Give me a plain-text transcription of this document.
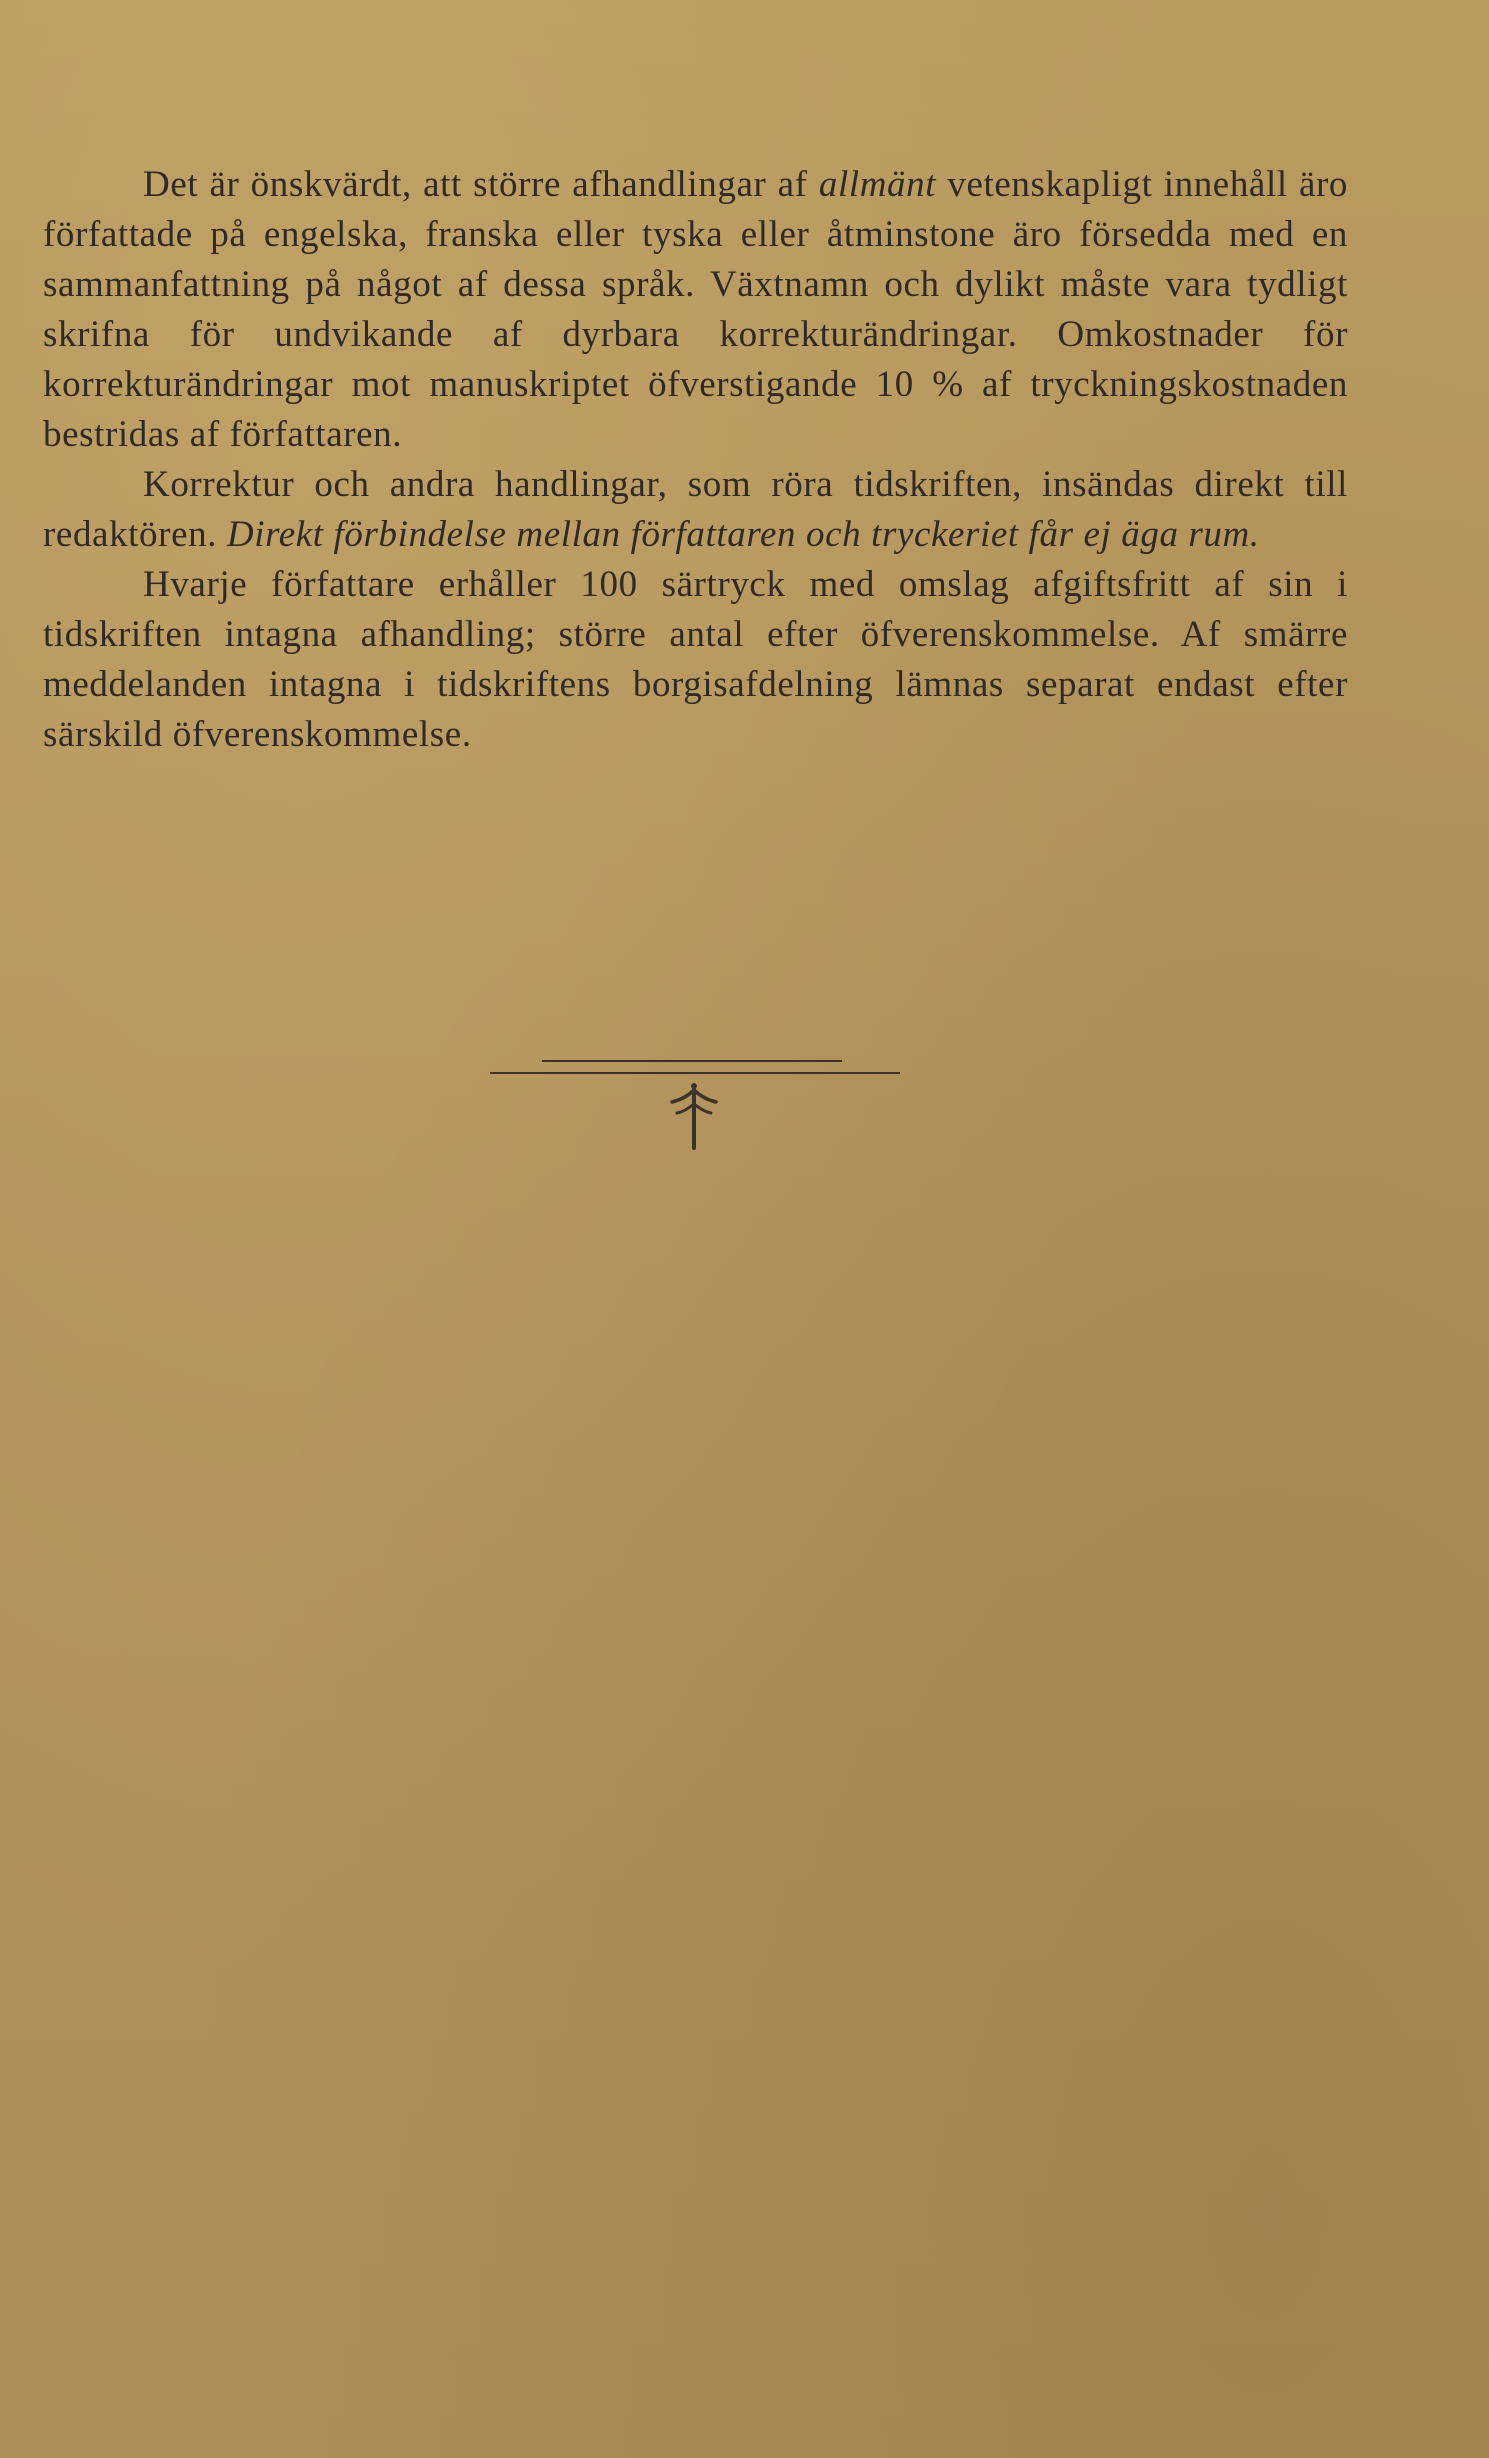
Det är önskvärdt, att större afhandlingar af allmänt vetenskapligt innehåll äro författade på engelska, franska eller tyska eller åtminstone äro försedda med en sammanfattning på något af dessa språk. Växtnamn och dylikt måste vara tydligt skrifna för undvikande af dyrbara korrekturändringar. Omkostnader för korrekturändringar mot manuskriptet öfverstigande 10 % af tryckningskostnaden bestridas af författaren.

Korrektur och andra handlingar, som röra tidskriften, insändas direkt till redaktören. Direkt förbindelse mellan författaren och tryckeriet får ej äga rum.

Hvarje författare erhåller 100 särtryck med omslag afgiftsfritt af sin i tidskriften intagna afhandling; större antal efter öfverenskommelse. Af smärre meddelanden intagna i tidskriftens borgisafdelning lämnas separat endast efter särskild öfverenskommelse.
